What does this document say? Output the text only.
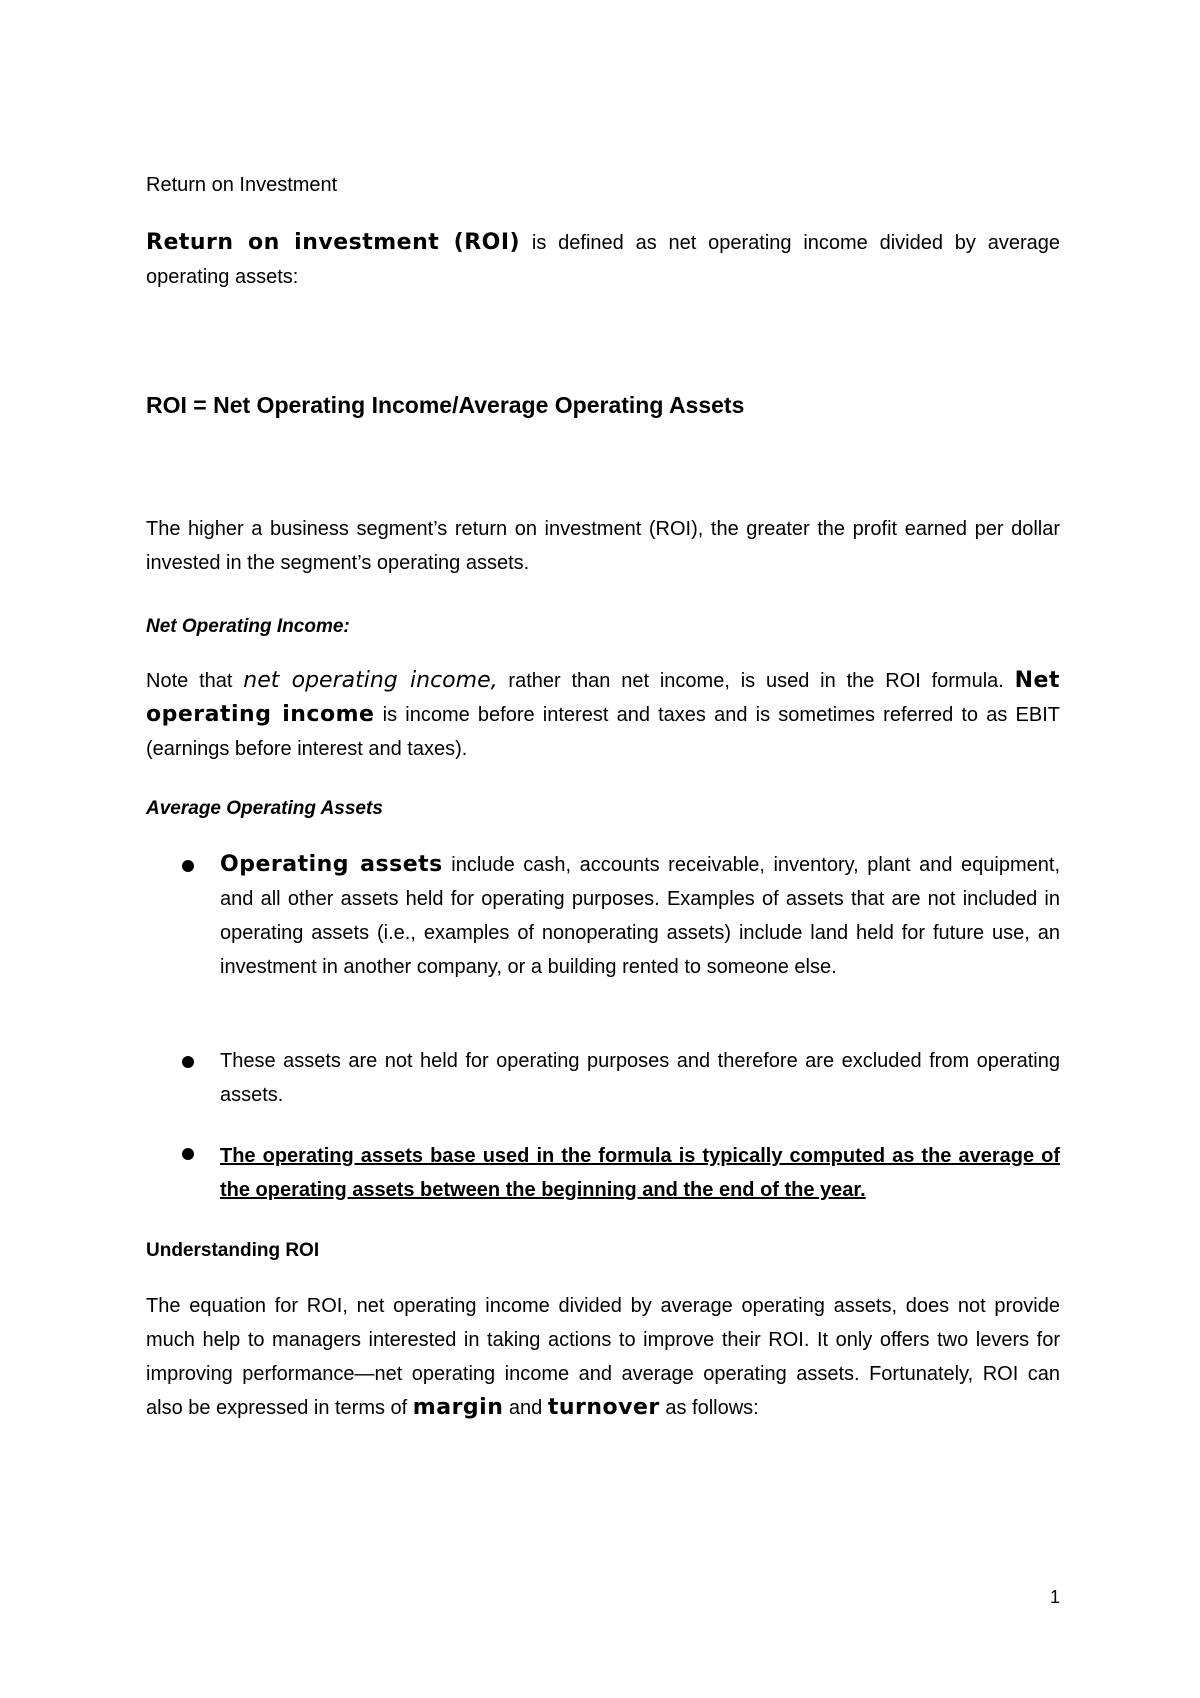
Return on Investment
Return on investment (ROI) is defined as net operating income divided by average operating assets:
ROI = Net Operating Income/Average Operating Assets
The higher a business segment’s return on investment (ROI), the greater the profit earned per dollar invested in the segment’s operating assets.
Net Operating Income:
Note that net operating income, rather than net income, is used in the ROI formula. Net operating income is income before interest and taxes and is sometimes referred to as EBIT (earnings before interest and taxes).
Average Operating Assets
Operating assets include cash, accounts receivable, inventory, plant and equipment, and all other assets held for operating purposes. Examples of assets that are not included in operating assets (i.e., examples of nonoperating assets) include land held for future use, an investment in another company, or a building rented to someone else.
These assets are not held for operating purposes and therefore are excluded from operating assets.
The operating assets base used in the formula is typically computed as the average of the operating assets between the beginning and the end of the year.
Understanding ROI
The equation for ROI, net operating income divided by average operating assets, does not provide much help to managers interested in taking actions to improve their ROI. It only offers two levers for improving performance—net operating income and average operating assets. Fortunately, ROI can also be expressed in terms of margin and turnover as follows:
1
